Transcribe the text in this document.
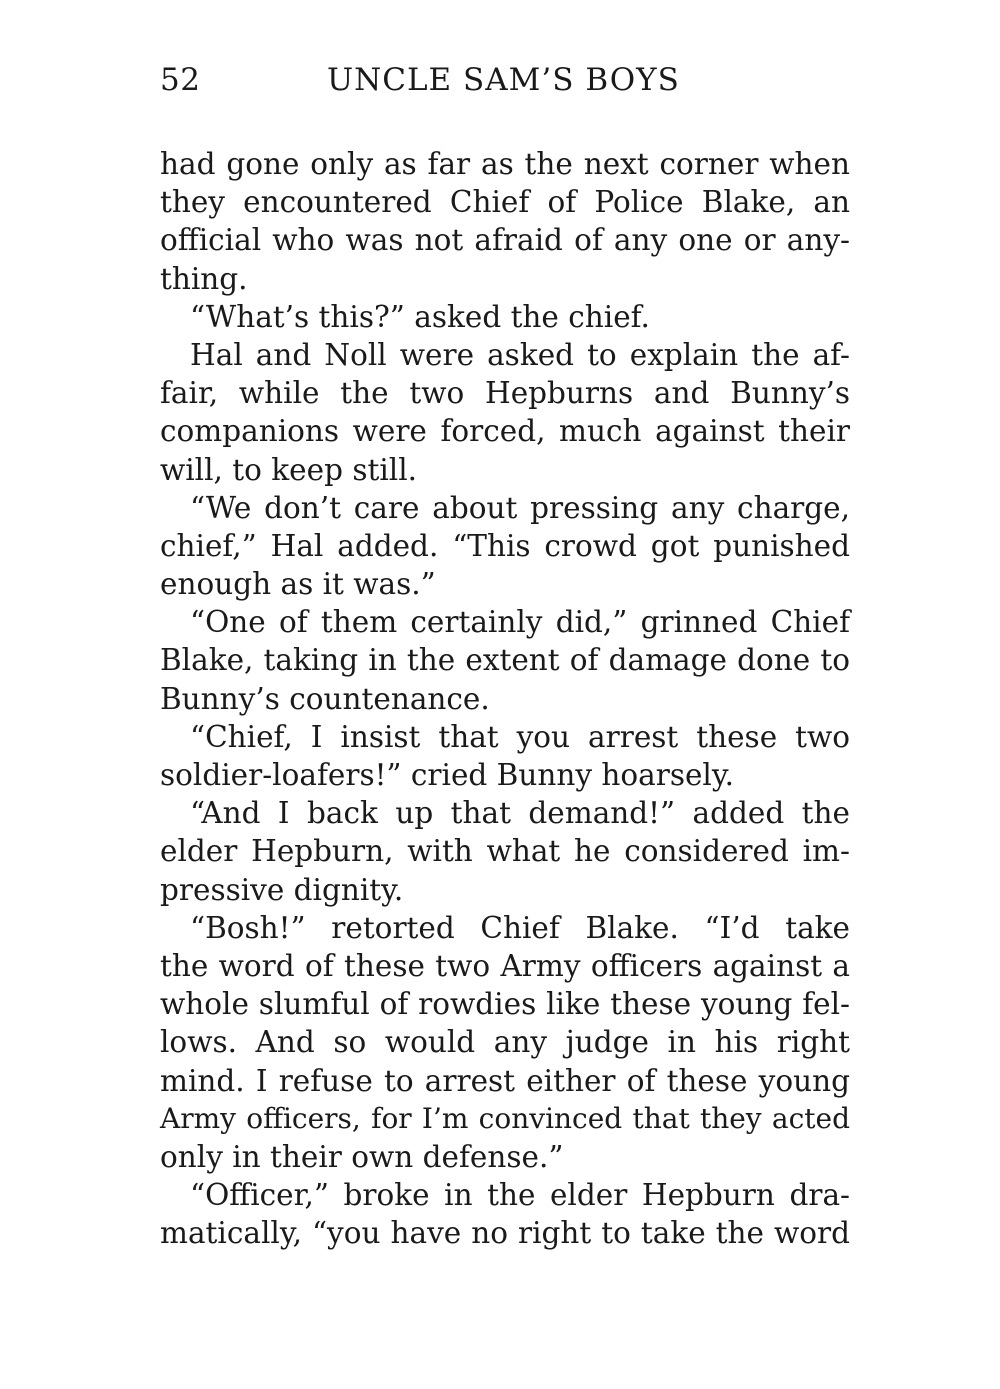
52	UNCLE SAM’S BOYS
had gone only as far as the next corner when
they encountered Chief of Police Blake, an
official who was not afraid of any one or any-
thing.
“What’s this?” asked the chief.
Hal and Noll were asked to explain the af-
fair, while the two Hepburns and Bunny’s
companions were forced, much against their
will, to keep still.
“We don’t care about pressing any charge,
chief,” Hal added. “This crowd got punished
enough as it was.”
“One of them certainly did,” grinned Chief
Blake, taking in the extent of damage done to
Bunny’s countenance.
“Chief, I insist that you arrest these two
soldier-loafers!” cried Bunny hoarsely.
“And I back up that demand!” added the
elder Hepburn, with what he considered im-
pressive dignity.
“Bosh!” retorted Chief Blake. “I’d take
the word of these two Army officers against a
whole slumful of rowdies like these young fel-
lows. And so would any judge in his right
mind. I refuse to arrest either of these young
Army officers, for I’m convinced that they acted
only in their own defense.”
“Officer,” broke in the elder Hepburn dra-
matically, “you have no right to take the word
